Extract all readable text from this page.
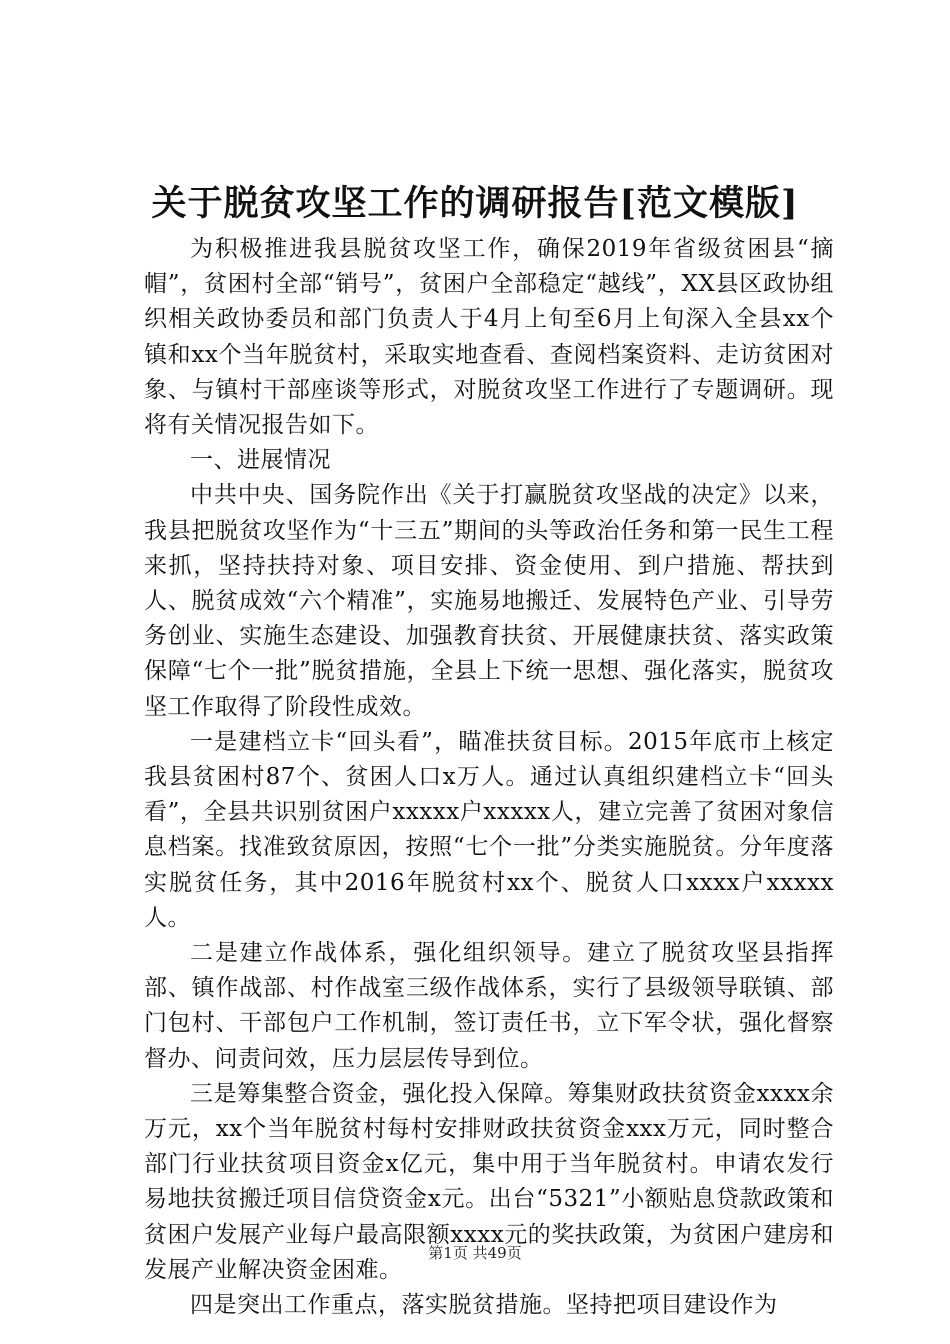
关于脱贫攻坚工作的调研报告[范文模版]

为积极推进我县脱贫攻坚工作，确保2019年省级贫困县“摘帽”，贫困村全部“销号”，贫困户全部稳定“越线”，XX县区政协组织相关政协委员和部门负责人于4月上旬至6月上旬深入全县xx个镇和xx个当年脱贫村，采取实地查看、查阅档案资料、走访贫困对象、与镇村干部座谈等形式，对脱贫攻坚工作进行了专题调研。现将有关情况报告如下。

一、进展情况

中共中央、国务院作出《关于打赢脱贫攻坚战的决定》以来，我县把脱贫攻坚作为“十三五”期间的头等政治任务和第一民生工程来抓，坚持扶持对象、项目安排、资金使用、到户措施、帮扶到人、脱贫成效“六个精准”，实施易地搬迁、发展特色产业、引导劳务创业、实施生态建设、加强教育扶贫、开展健康扶贫、落实政策保障“七个一批”脱贫措施，全县上下统一思想、强化落实，脱贫攻坚工作取得了阶段性成效。

一是建档立卡“回头看”，瞄准扶贫目标。2015年底市上核定我县贫困村87个、贫困人口x万人。通过认真组织建档立卡“回头看”，全县共识别贫困户xxxxx户xxxxx人，建立完善了贫困对象信息档案。找准致贫原因，按照“七个一批”分类实施脱贫。分年度落实脱贫任务，其中2016年脱贫村xx个、脱贫人口xxxx户xxxxx人。

二是建立作战体系，强化组织领导。建立了脱贫攻坚县指挥部、镇作战部、村作战室三级作战体系，实行了县级领导联镇、部门包村、干部包户工作机制，签订责任书，立下军令状，强化督察督办、问责问效，压力层层传导到位。

三是筹集整合资金，强化投入保障。筹集财政扶贫资金xxxx余万元，xx个当年脱贫村每村安排财政扶贫资金xxx万元，同时整合部门行业扶贫项目资金x亿元，集中用于当年脱贫村。申请农发行易地扶贫搬迁项目信贷资金x元。出台“5321”小额贴息贷款政策和贫困户发展产业每户最高限额xxxx元的奖扶政策，为贫困户建房和发展产业解决资金困难。

四是突出工作重点，落实脱贫措施。坚持把项目建设作为

第1页 共49页
